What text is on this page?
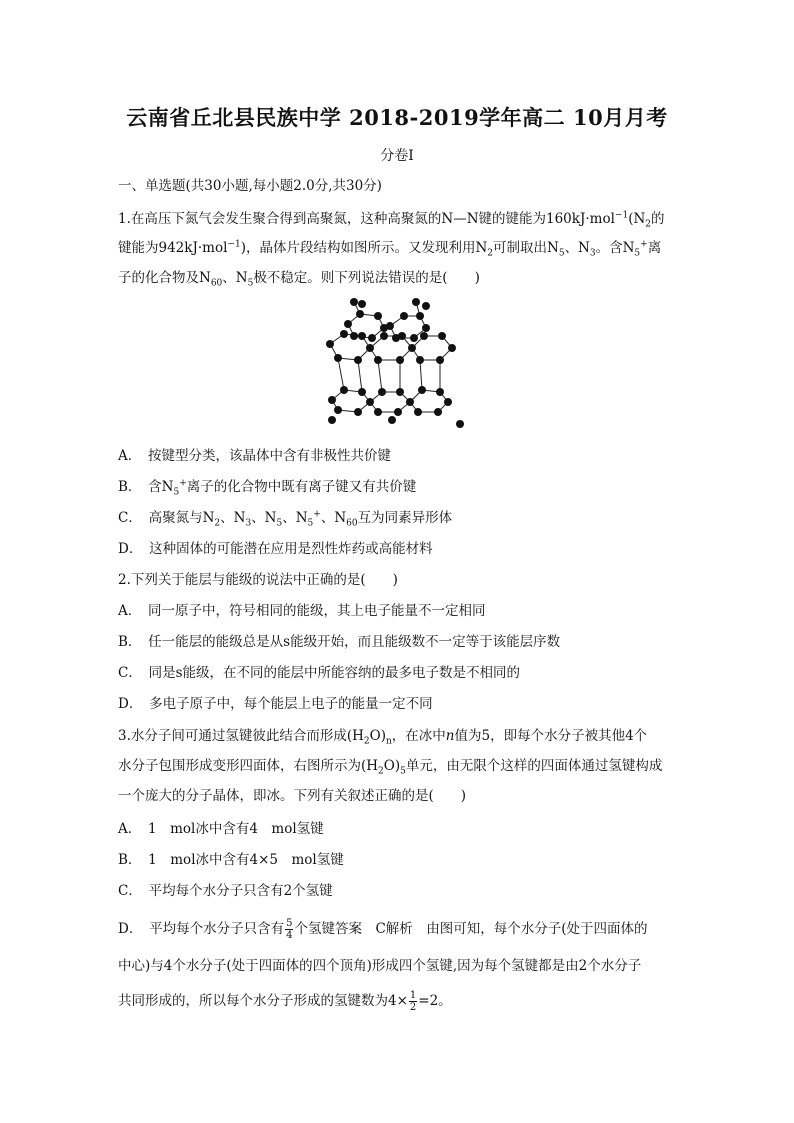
云南省丘北县民族中学 2018-2019学年高二 10月月考
分卷I
一、单选题(共30小题,每小题2.0分,共30分)
1.在高压下氮气会发生聚合得到高聚氮，这种高聚氮的N—N键的键能为$160kJ\cdot mol^{-1}(N_2$的
键能为942kJ·mol$^{-1}$)，晶体片段结构如图所示。又发现利用$N_2$可制取出$N_5$、$N_3$。含$N_5^+$离
子的化合物及$N_{60}$、$N_5$极不稳定。则下列说法错误的是(　　)
A．　按键型分类，该晶体中含有非极性共价键
B．　含$N_5^+$离子的化合物中既有离子键又有共价键
C．　高聚氮与$N_2$、$N_3$、$N_5$、$N_5^+$、$N_{60}$互为同素异形体
D．　这种固体的可能潜在应用是烈性炸药或高能材料
2.下列关于能层与能级的说法中正确的是(　　)
A．　同一原子中，符号相同的能级，其上电子能量不一定相同
B．　任一能层的能级总是从s能级开始，而且能级数不一定等于该能层序数
C．　同是s能级，在不同的能层中所能容纳的最多电子数是不相同的
D．　多电子原子中，每个能层上电子的能量一定不同
3.水分子间可通过氢键彼此结合而形成$(H_2O)_n$，在冰中n值为5，即每个水分子被其他4个
水分子包围形成变形四面体，右图所示为$(H_2O)_5$单元，由无限个这样的四面体通过氢键构成
一个庞大的分子晶体，即冰。下列有关叙述正确的是(　　)
A．　1　mol冰中含有4　mol氢键
B．　1　mol冰中含有4×5　mol氢键
C．　平均每个水分子只含有2个氢键
D．　平均每个水分子只含有 $\frac{5}{4}$ 个氢键答案　C解析　由图可知，每个水分子(处于四面体的
中心)与4个水分子(处于四面体的四个顶角)形成四个氢键,因为每个氢键都是由2个水分子
共同形成的，所以每个水分子形成的氢键数为$4\times \frac{1}{2} =2$。
